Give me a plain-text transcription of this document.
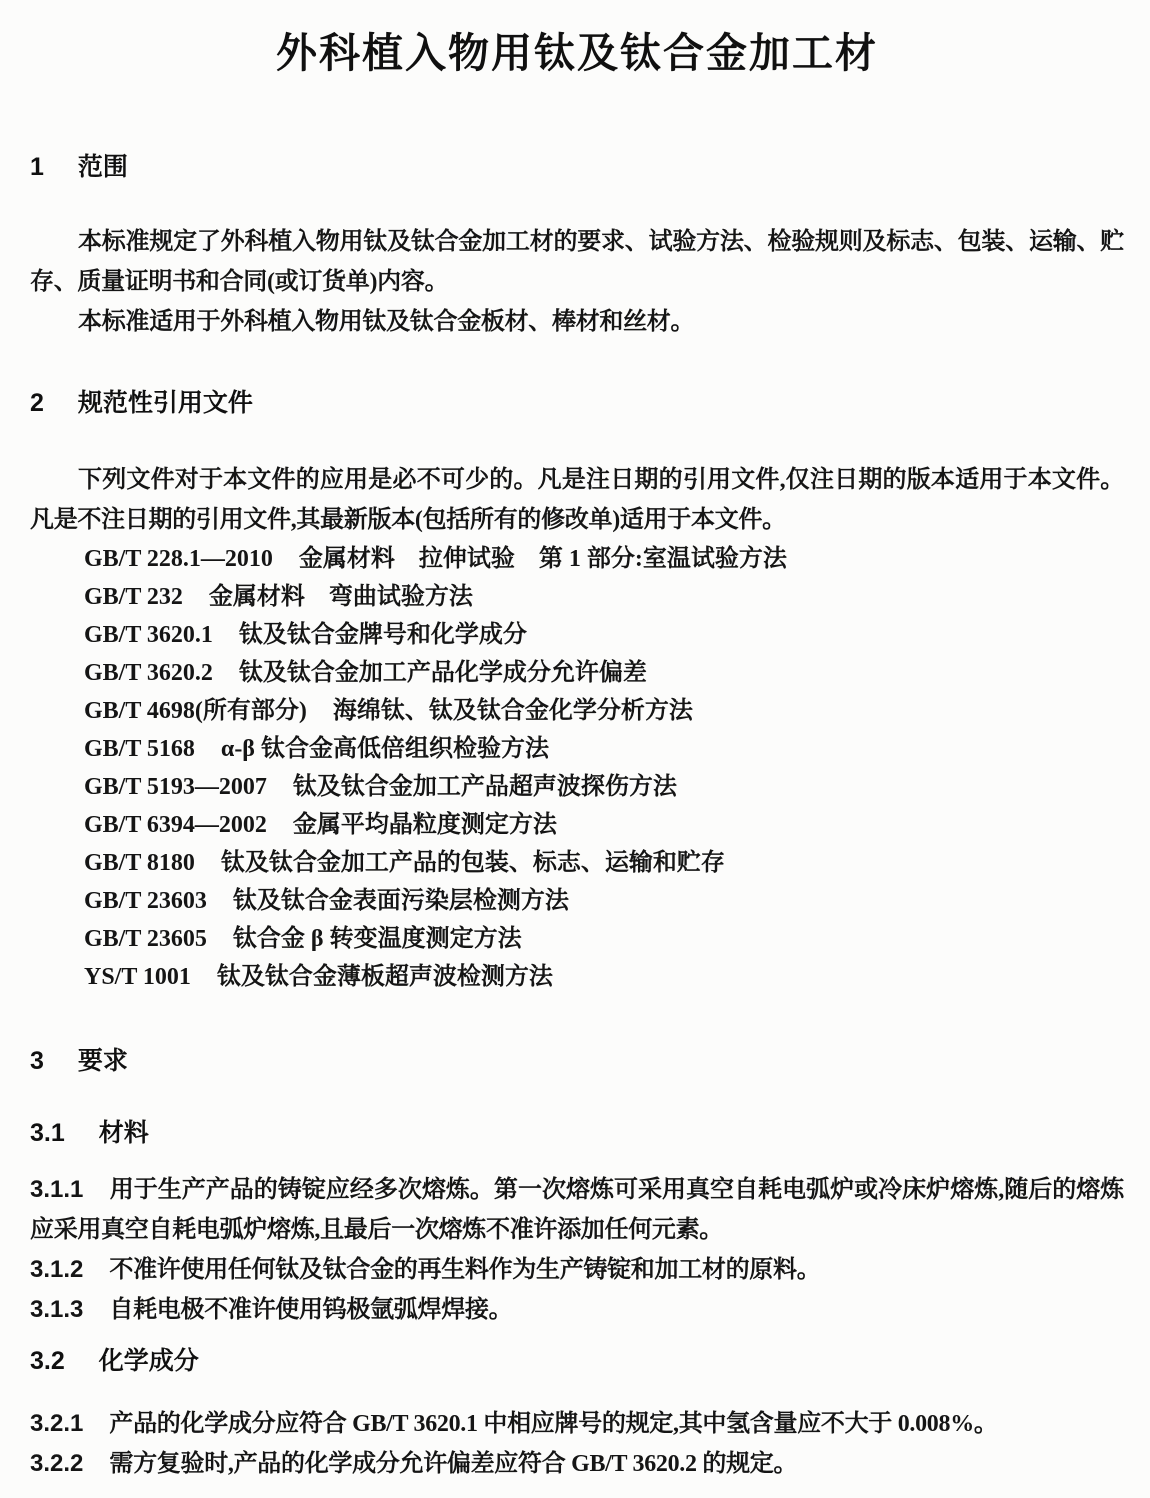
外科植入物用钛及钛合金加工材
1 范围

本标准规定了外科植入物用钛及钛合金加工材的要求、试验方法、检验规则及标志、包装、运输、贮存、质量证明书和合同(或订货单)内容。

本标准适用于外科植入物用钛及钛合金板材、棒材和丝材。

2 规范性引用文件

下列文件对于本文件的应用是必不可少的。凡是注日期的引用文件,仅注日期的版本适用于本文件。凡是不注日期的引用文件,其最新版本(包括所有的修改单)适用于本文件。

GB/T 228.1—2010 金属材料　拉伸试验　第 1 部分:室温试验方法
GB/T 232 金属材料　弯曲试验方法
GB/T 3620.1 钛及钛合金牌号和化学成分
GB/T 3620.2 钛及钛合金加工产品化学成分允许偏差
GB/T 4698(所有部分) 海绵钛、钛及钛合金化学分析方法
GB/T 5168 α-β 钛合金高低倍组织检验方法
GB/T 5193—2007 钛及钛合金加工产品超声波探伤方法
GB/T 6394—2002 金属平均晶粒度测定方法
GB/T 8180 钛及钛合金加工产品的包装、标志、运输和贮存
GB/T 23603 钛及钛合金表面污染层检测方法
GB/T 23605 钛合金 β 转变温度测定方法
YS/T 1001 钛及钛合金薄板超声波检测方法
3 要求
3.1 材料

3.1.1 用于生产产品的铸锭应经多次熔炼。第一次熔炼可采用真空自耗电弧炉或冷床炉熔炼,随后的熔炼应采用真空自耗电弧炉熔炼,且最后一次熔炼不准许添加任何元素。

3.1.2 不准许使用任何钛及钛合金的再生料作为生产铸锭和加工材的原料。

3.1.3 自耗电极不准许使用钨极氩弧焊焊接。

3.2 化学成分

3.2.1 产品的化学成分应符合 GB/T 3620.1 中相应牌号的规定,其中氢含量应不大于 0.008%。

3.2.2 需方复验时,产品的化学成分允许偏差应符合 GB/T 3620.2 的规定。
